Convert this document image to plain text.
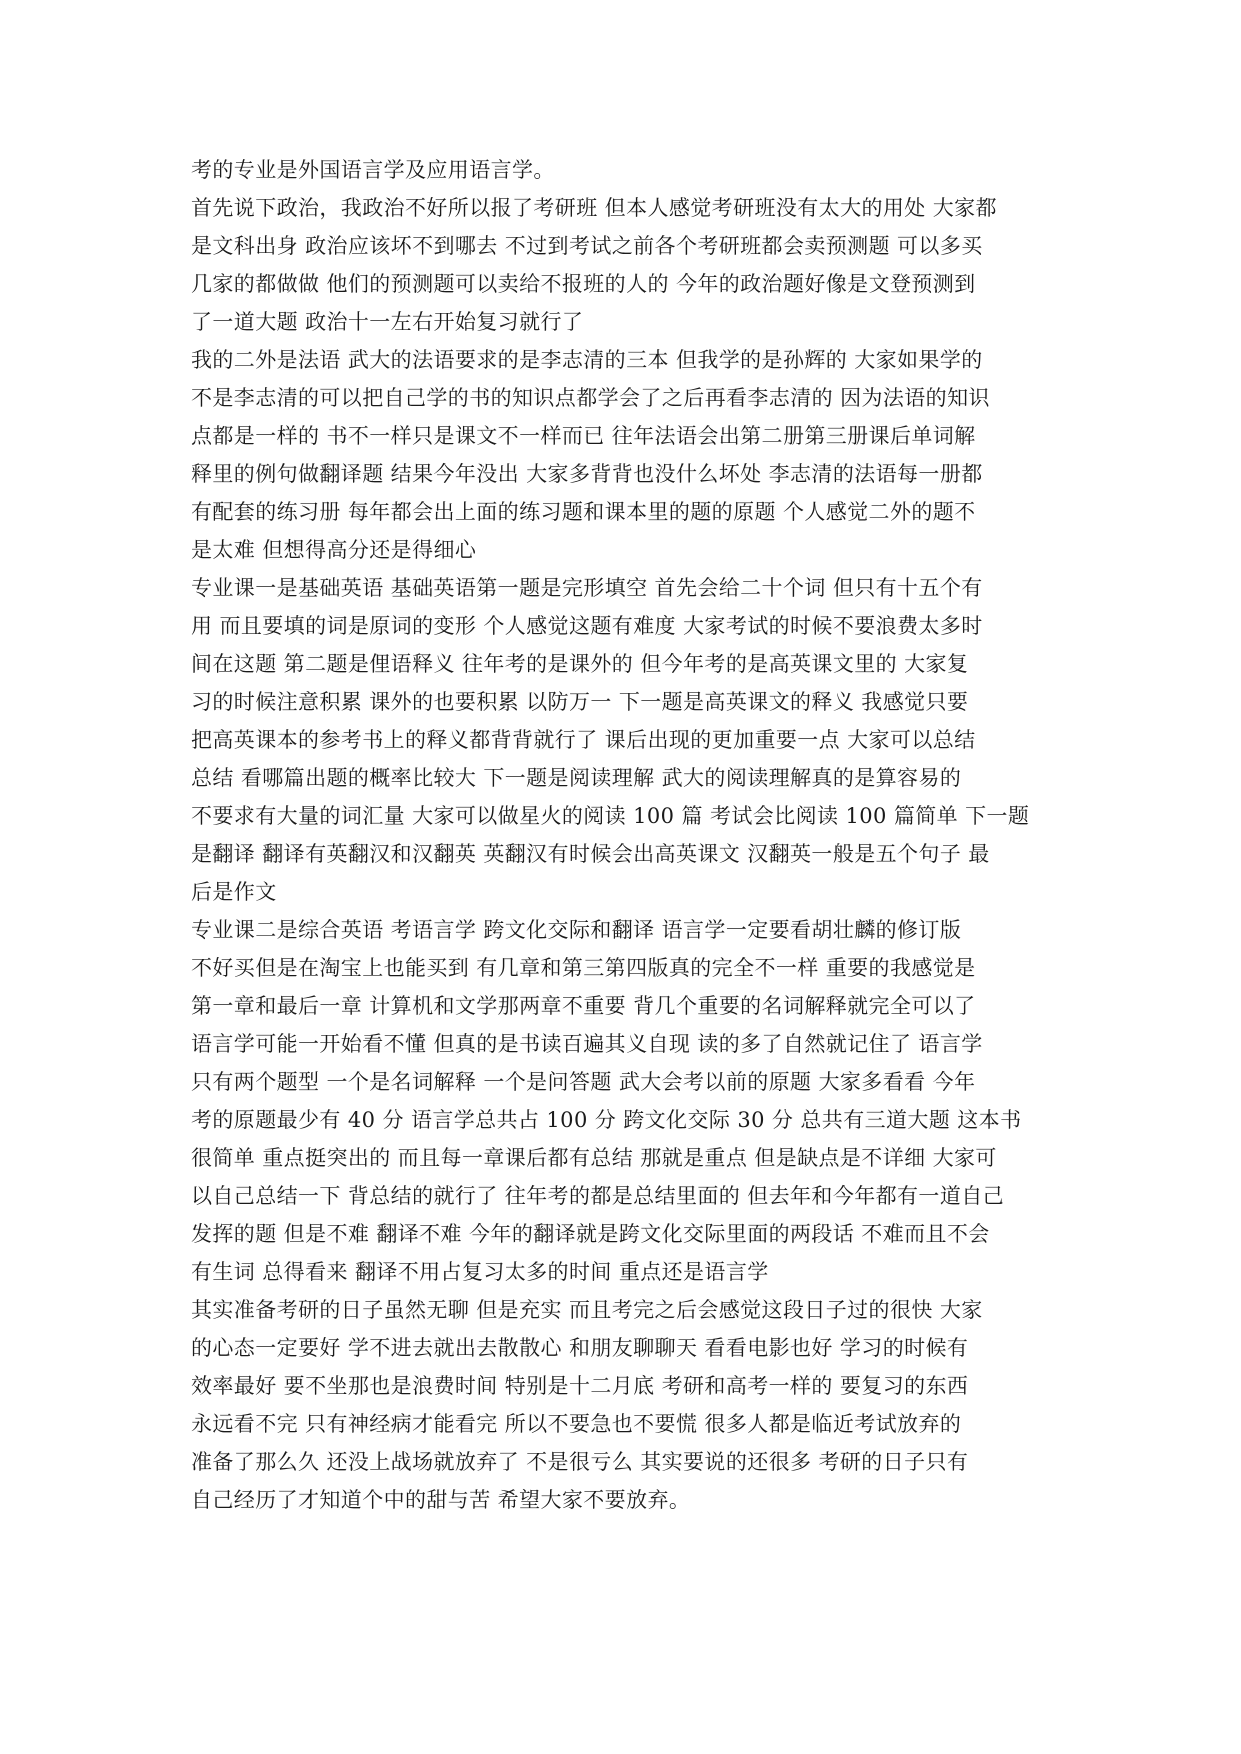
考的专业是外国语言学及应用语言学。
首先说下政治，我政治不好所以报了考研班 但本人感觉考研班没有太大的用处 大家都
是文科出身 政治应该坏不到哪去 不过到考试之前各个考研班都会卖预测题 可以多买
几家的都做做 他们的预测题可以卖给不报班的人的 今年的政治题好像是文登预测到
了一道大题 政治十一左右开始复习就行了
我的二外是法语 武大的法语要求的是李志清的三本 但我学的是孙辉的 大家如果学的
不是李志清的可以把自己学的书的知识点都学会了之后再看李志清的 因为法语的知识
点都是一样的 书不一样只是课文不一样而已 往年法语会出第二册第三册课后单词解
释里的例句做翻译题 结果今年没出 大家多背背也没什么坏处 李志清的法语每一册都
有配套的练习册 每年都会出上面的练习题和课本里的题的原题 个人感觉二外的题不
是太难 但想得高分还是得细心
专业课一是基础英语 基础英语第一题是完形填空 首先会给二十个词 但只有十五个有
用 而且要填的词是原词的变形 个人感觉这题有难度 大家考试的时候不要浪费太多时
间在这题 第二题是俚语释义 往年考的是课外的 但今年考的是高英课文里的 大家复
习的时候注意积累 课外的也要积累 以防万一 下一题是高英课文的释义 我感觉只要
把高英课本的参考书上的释义都背背就行了 课后出现的更加重要一点 大家可以总结
总结 看哪篇出题的概率比较大 下一题是阅读理解 武大的阅读理解真的是算容易的
不要求有大量的词汇量 大家可以做星火的阅读 100 篇 考试会比阅读 100 篇简单 下一题
是翻译 翻译有英翻汉和汉翻英 英翻汉有时候会出高英课文 汉翻英一般是五个句子 最
后是作文
专业课二是综合英语 考语言学 跨文化交际和翻译 语言学一定要看胡壮麟的修订版
不好买但是在淘宝上也能买到 有几章和第三第四版真的完全不一样 重要的我感觉是
第一章和最后一章 计算机和文学那两章不重要 背几个重要的名词解释就完全可以了
语言学可能一开始看不懂 但真的是书读百遍其义自现 读的多了自然就记住了 语言学
只有两个题型 一个是名词解释 一个是问答题 武大会考以前的原题 大家多看看 今年
考的原题最少有 40 分 语言学总共占 100 分 跨文化交际 30 分 总共有三道大题 这本书
很简单 重点挺突出的 而且每一章课后都有总结 那就是重点 但是缺点是不详细 大家可
以自己总结一下 背总结的就行了 往年考的都是总结里面的 但去年和今年都有一道自己
发挥的题 但是不难 翻译不难 今年的翻译就是跨文化交际里面的两段话 不难而且不会
有生词 总得看来 翻译不用占复习太多的时间 重点还是语言学
其实准备考研的日子虽然无聊 但是充实 而且考完之后会感觉这段日子过的很快 大家
的心态一定要好 学不进去就出去散散心 和朋友聊聊天 看看电影也好 学习的时候有
效率最好 要不坐那也是浪费时间 特别是十二月底 考研和高考一样的 要复习的东西
永远看不完 只有神经病才能看完 所以不要急也不要慌 很多人都是临近考试放弃的
准备了那么久 还没上战场就放弃了 不是很亏么 其实要说的还很多 考研的日子只有
自己经历了才知道个中的甜与苦 希望大家不要放弃。
